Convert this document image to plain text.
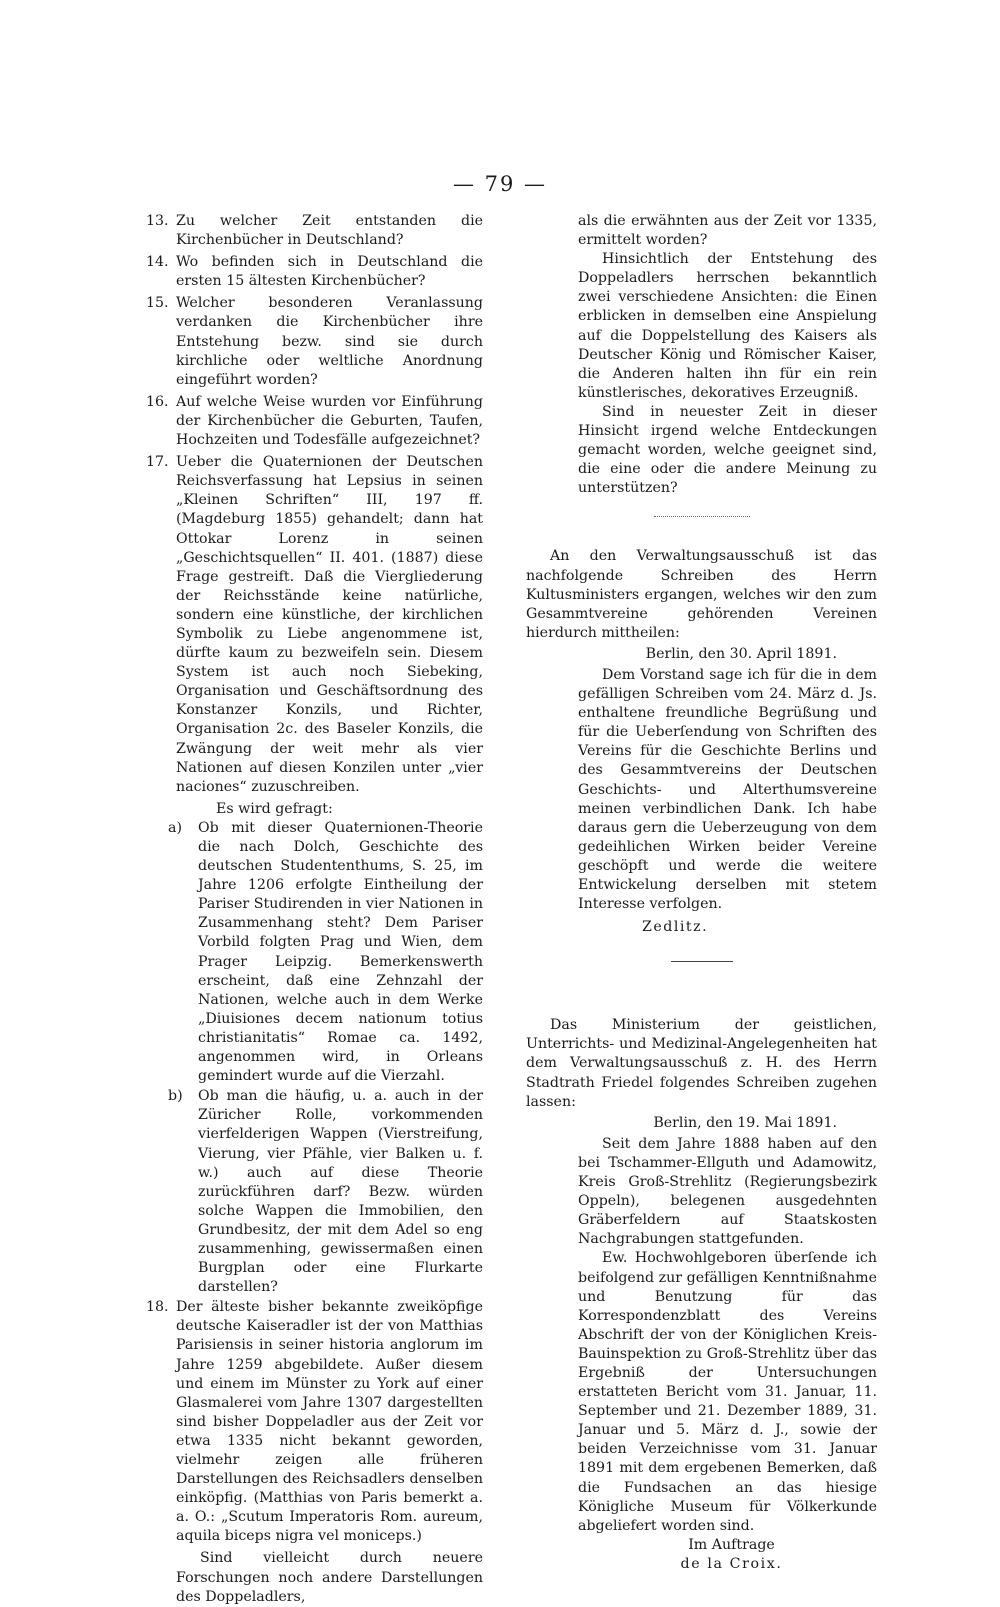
— 79 —
13. Zu welcher Zeit entstanden die Kirchenbücher in Deutschland?

14. Wo befinden sich in Deutschland die ersten 15 ältesten Kirchenbücher?

15. Welcher besonderen Veranlassung verdanken die Kirchenbücher ihre Entstehung bezw. sind sie durch kirchliche oder weltliche Anordnung eingeführt worden?

16. Auf welche Weise wurden vor Einführung der Kirchenbücher die Geburten, Taufen, Hochzeiten und Todesfälle aufgezeichnet?

17. Ueber die Quaternionen der Deutschen Reichsverfassung hat Lepsius in seinen „Kleinen Schriften“ III, 197 ff. (Magdeburg 1855) gehandelt; dann hat Ottokar Lorenz in seinen „Geschichtsquellen“ II. 401. (1887) diese Frage gestreift. Daß die Viergliederung der Reichsstände keine natürliche, sondern eine künstliche, der kirchlichen Symbolik zu Liebe angenommene ist, dürfte kaum zu bezweifeln sein. Diesem System ist auch noch Siebeking, Organisation und Geschäftsordnung des Konstanzer Konzils, und Richter, Organisation 2c. des Baseler Konzils, die Zwängung der weit mehr als vier Nationen auf diesen Konzilen unter „vier naciones“ zuzuschreiben.

Es wird gefragt:

a)	Ob mit dieser Quaternionen-Theorie die nach Dolch, Geschichte des deutschen Studententhums, S. 25, im Jahre 1206 erfolgte Eintheilung der Pariser Studirenden in vier Nationen in Zusammenhang steht? Dem Pariser Vorbild folgten Prag und Wien, dem Prager Leipzig. Bemerkenswerth erscheint, daß eine Zehnzahl der Nationen, welche auch in dem Werke „Diuisiones decem nationum totius christianitatis“ Romae ca. 1492, angenommen wird, in Orleans gemindert wurde auf die Vierzahl.

b)	Ob man die häufig, u. a. auch in der Züricher Rolle, vorkommenden vierfelderigen Wappen (Vierstreifung, Vierung, vier Pfähle, vier Balken u. f. w.) auch auf diese Theorie zurückführen darf? Bezw. würden solche Wappen die Immobilien, den Grundbesitz, der mit dem Adel so eng zusammenhing, gewissermaßen einen Burgplan oder eine Flurkarte darstellen?

18. Der älteste bisher bekannte zweiköpfige deutsche Kaiseradler ist der von Matthias Parisiensis in seiner historia anglorum im Jahre 1259 abgebildete. Außer diesem und einem im Münster zu York auf einer Glasmalerei vom Jahre 1307 dargestellten sind bisher Doppeladler aus der Zeit vor etwa 1335 nicht bekannt geworden, vielmehr zeigen alle früheren Darstellungen des Reichsadlers denselben einköpfig. (Matthias von Paris bemerkt a. a. O.: „Scutum Imperatoris Rom. aureum, aquila biceps nigra vel moniceps.)

Sind vielleicht durch neuere Forschungen noch andere Darstellungen des Doppeladlers,

als die erwähnten aus der Zeit vor 1335, ermittelt worden?

Hinsichtlich der Entstehung des Doppeladlers herrschen bekanntlich zwei verschiedene Ansichten: die Einen erblicken in demselben eine Anspielung auf die Doppelstellung des Kaisers als Deutscher König und Römischer Kaiser, die Anderen halten ihn für ein rein künstlerisches, dekoratives Erzeugniß.

Sind in neuester Zeit in dieser Hinsicht irgend welche Entdeckungen gemacht worden, welche geeignet sind, die eine oder die andere Meinung zu unterstützen?

An den Verwaltungsausschuß ist das nachfolgende Schreiben des Herrn Kultusministers ergangen, welches wir den zum Gesammtvereine gehörenden Vereinen hierdurch mittheilen:

Berlin, den 30. April 1891.

Dem Vorstand sage ich für die in dem gefälligen Schreiben vom 24. März d. Js. enthaltene freundliche Begrüßung und für die Ueberſendung von Schriften des Vereins für die Geschichte Berlins und des Gesammtvereins der Deutschen Geschichts- und Alterthumsvereine meinen verbindlichen Dank. Ich habe daraus gern die Ueberzeugung von dem gedeihlichen Wirken beider Vereine geschöpft und werde die weitere Entwickelung derselben mit stetem Interesse verfolgen.

Zedlitz.

Das Ministerium der geistlichen, Unterrichts- und Medizinal-Angelegenheiten hat dem Verwaltungsausschuß z. H. des Herrn Stadtrath Friedel folgendes Schreiben zugehen lassen:

Berlin, den 19. Mai 1891.

Seit dem Jahre 1888 haben auf den bei Tschammer-Ellguth und Adamowitz, Kreis Groß-Strehlitz (Regierungsbezirk Oppeln), belegenen ausgedehnten Gräberfeldern auf Staatskosten Nachgrabungen stattgefunden.

Ew. Hochwohlgeboren überſende ich beifolgend zur gefälligen Kenntnißnahme und Benutzung für das Korrespondenzblatt des Vereins Abschrift der von der Königlichen Kreis-Bauinspektion zu Groß-Strehlitz über das Ergebniß der Untersuchungen erstatteten Bericht vom 31. Januar, 11. September und 21. Dezember 1889, 31. Januar und 5. März d. J., sowie der beiden Verzeichnisse vom 31. Januar 1891 mit dem ergebenen Bemerken, daß die Fundsachen an das hiesige Königliche Museum für Völkerkunde abgeliefert worden sind.

Im Auftrage

de la Croix.
